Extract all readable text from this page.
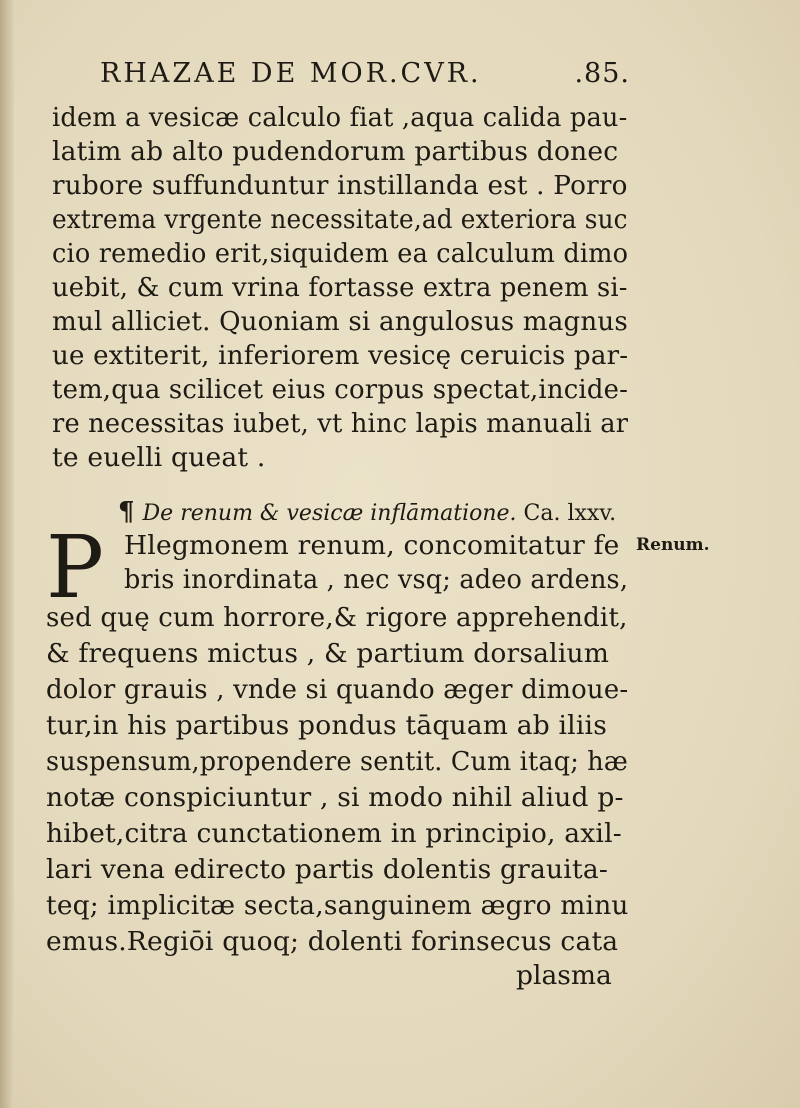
RHAZAE DE MOR.CVR.	.85.
idem a vesicæ calculo fiat ,aqua calida pau-
latim ab alto pudendorum partibus donec
rubore suffunduntur instillanda est . Porro
extrema vrgente necessitate,ad exteriora suc
cio remedio erit,siquidem ea calculum dimo
uebit, & cum vrina fortasse extra penem si-
mul alliciet. Quoniam si angulosus magnus
ue extiterit, inferiorem vesicę ceruicis par-
tem,qua scilicet eius corpus spectat,incide-
re necessitas iubet, vt hinc lapis manuali ar
te euelli queat .
¶ De renum & vesicæ inflāmatione. Ca. lxxv.
P	Renum.
Hlegmonem renum, concomitatur fe
bris inordinata , nec vsq; adeo ardens,
sed quę cum horrore,& rigore apprehendit,
& frequens mictus , & partium dorsalium
dolor grauis , vnde si quando æger dimoue-
tur,in his partibus pondus tāquam ab iliis
suspensum,propendere sentit. Cum itaq; hæ
notæ conspiciuntur , si modo nihil aliud p-
hibet,citra cunctationem in principio, axil-
lari vena edirecto partis dolentis grauita-
teq; implicitæ secta,sanguinem ægro minu
emus.Regiōi quoq; dolenti forinsecus cata
plasma
